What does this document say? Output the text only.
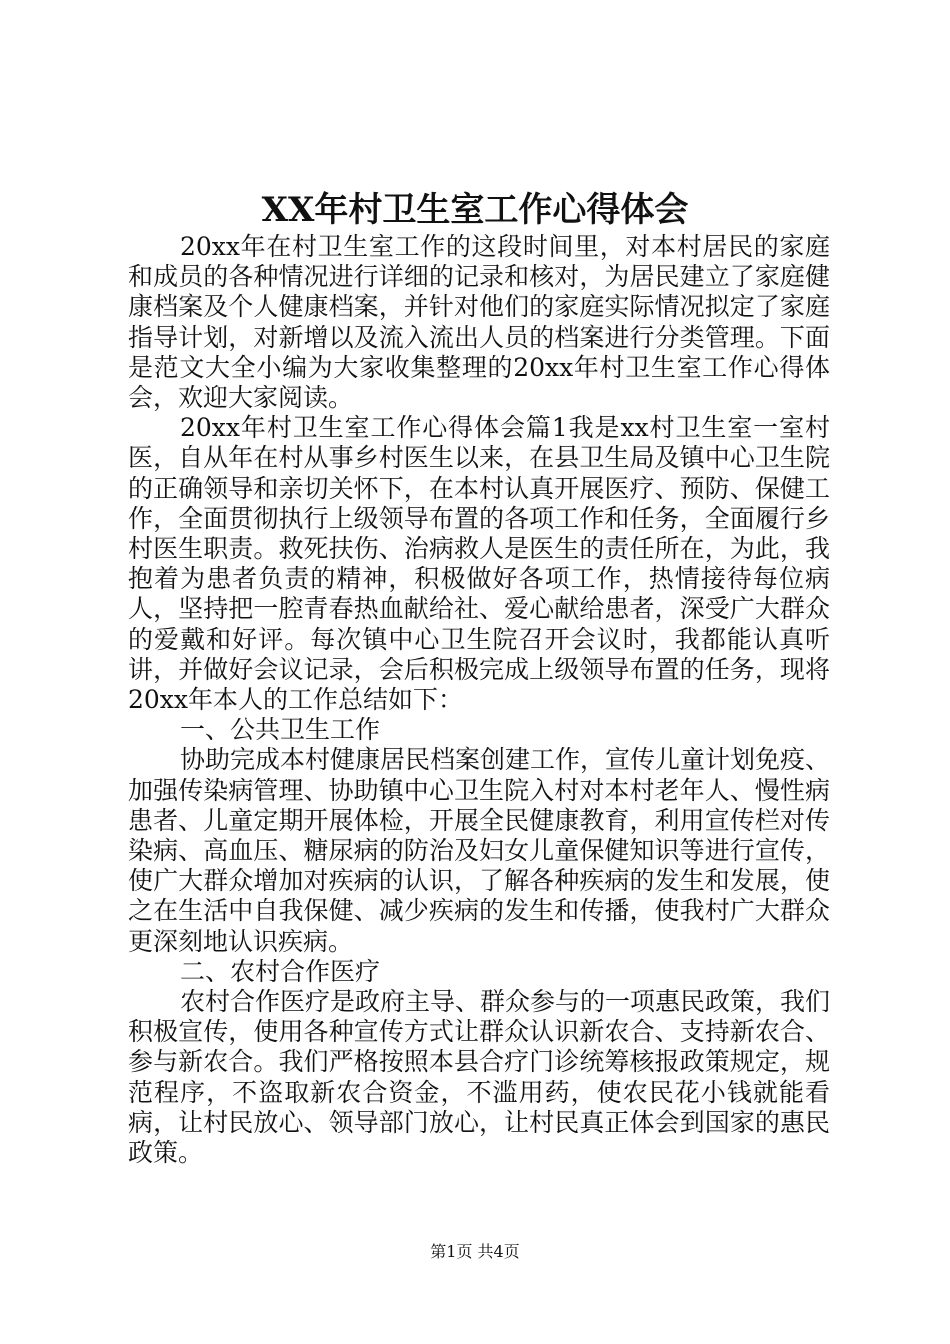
XX年村卫生室工作心得体会

20xx年在村卫生室工作的这段时间里，对本村居民的家庭和成员的各种情况进行详细的记录和核对，为居民建立了家庭健康档案及个人健康档案，并针对他们的家庭实际情况拟定了家庭指导计划，对新增以及流入流出人员的档案进行分类管理。下面是范文大全小编为大家收集整理的20xx年村卫生室工作心得体会，欢迎大家阅读。

20xx年村卫生室工作心得体会篇1我是xx村卫生室一室村医，自从年在村从事乡村医生以来，在县卫生局及镇中心卫生院的正确领导和亲切关怀下，在本村认真开展医疗、预防、保健工作，全面贯彻执行上级领导布置的各项工作和任务，全面履行乡村医生职责。救死扶伤、治病救人是医生的责任所在，为此，我抱着为患者负责的精神，积极做好各项工作，热情接待每位病人，坚持把一腔青春热血献给社、爱心献给患者，深受广大群众的爱戴和好评。每次镇中心卫生院召开会议时，我都能认真听讲，并做好会议记录，会后积极完成上级领导布置的任务，现将20xx年本人的工作总结如下：

一、公共卫生工作

协助完成本村健康居民档案创建工作，宣传儿童计划免疫、加强传染病管理、协助镇中心卫生院入村对本村老年人、慢性病患者、儿童定期开展体检，开展全民健康教育，利用宣传栏对传染病、高血压、糖尿病的防治及妇女儿童保健知识等进行宣传，使广大群众增加对疾病的认识，了解各种疾病的发生和发展，使之在生活中自我保健、减少疾病的发生和传播，使我村广大群众更深刻地认识疾病。

二、农村合作医疗

农村合作医疗是政府主导、群众参与的一项惠民政策，我们积极宣传，使用各种宣传方式让群众认识新农合、支持新农合、参与新农合。我们严格按照本县合疗门诊统筹核报政策规定，规范程序，不盗取新农合资金，不滥用药，使农民花小钱就能看病，让村民放心、领导部门放心，让村民真正体会到国家的惠民政策。

第1页 共4页
